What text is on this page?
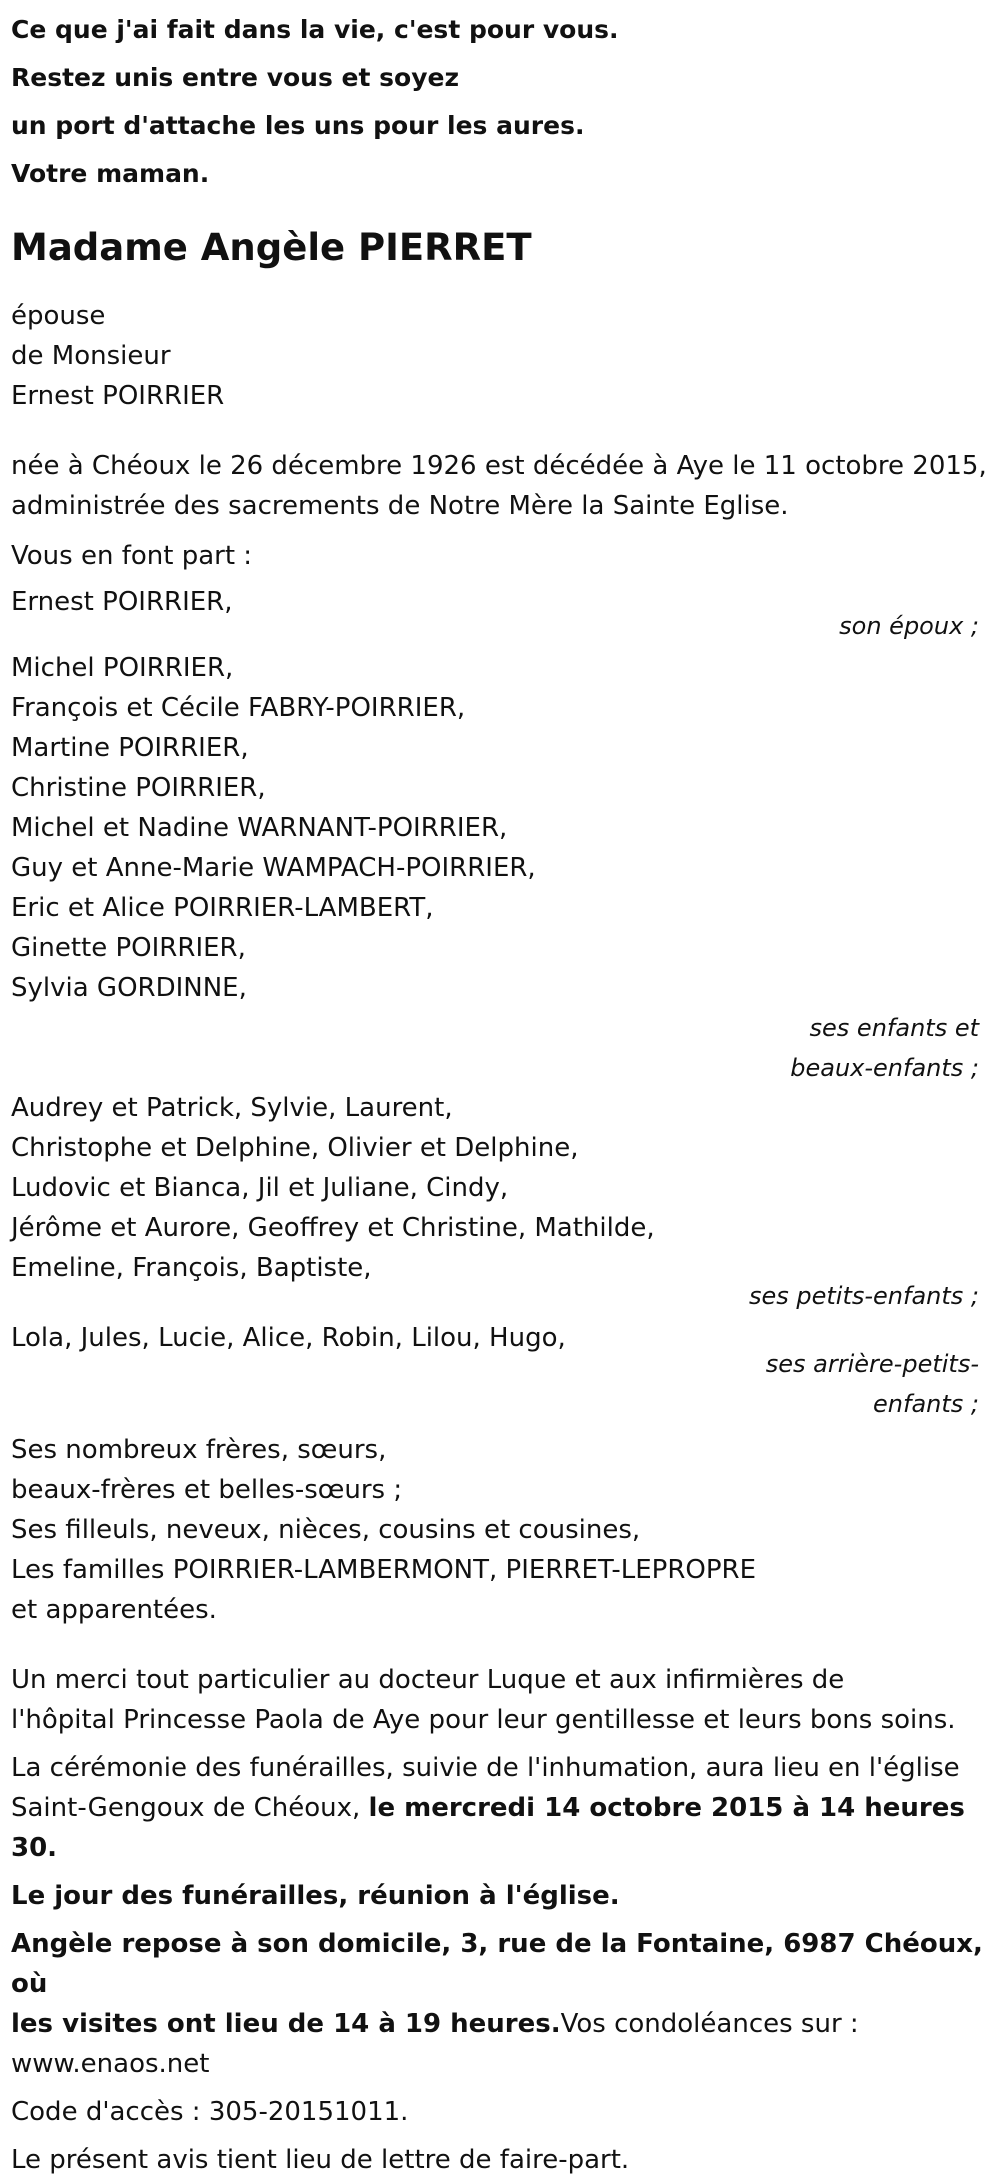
Ce que j'ai fait dans la vie, c'est pour vous.
Restez unis entre vous et soyez
un port d'attache les uns pour les aures.
Votre maman.
Madame Angèle PIERRET
épouse
de Monsieur
Ernest POIRRIER
née à Chéoux le 26 décembre 1926 est décédée à Aye le 11 octobre 2015,
administrée des sacrements de Notre Mère la Sainte Eglise.
Vous en font part :
Ernest POIRRIER,
son époux ;
Michel POIRRIER,
François et Cécile FABRY-POIRRIER,
Martine POIRRIER,
Christine POIRRIER,
Michel et Nadine WARNANT-POIRRIER,
Guy et Anne-Marie WAMPACH-POIRRIER,
Eric et Alice POIRRIER-LAMBERT,
Ginette POIRRIER,
Sylvia GORDINNE,
ses enfants et
beaux-enfants ;
Audrey et Patrick, Sylvie, Laurent,
Christophe et Delphine, Olivier et Delphine,
Ludovic et Bianca, Jil et Juliane, Cindy,
Jérôme et Aurore, Geoffrey et Christine, Mathilde,
Emeline, François, Baptiste,
ses petits-enfants ;
Lola, Jules, Lucie, Alice, Robin, Lilou, Hugo,
ses arrière-petits-
enfants ;
Ses nombreux frères, sœurs,
beaux-frères et belles-sœurs ;
Ses filleuls, neveux, nièces, cousins et cousines,
Les familles POIRRIER-LAMBERMONT, PIERRET-LEPROPRE
et apparentées.
Un merci tout particulier au docteur Luque et aux infirmières de
l'hôpital Princesse Paola de Aye pour leur gentillesse et leurs bons soins.
La cérémonie des funérailles, suivie de l'inhumation, aura lieu en l'église
Saint-Gengoux de Chéoux, le mercredi 14 octobre 2015 à 14 heures 30.
Le jour des funérailles, réunion à l'église.
Angèle repose à son domicile, 3, rue de la Fontaine, 6987 Chéoux, où
les visites ont lieu de 14 à 19 heures.Vos condoléances sur :
www.enaos.net
Code d'accès : 305-20151011.
Le présent avis tient lieu de lettre de faire-part.
